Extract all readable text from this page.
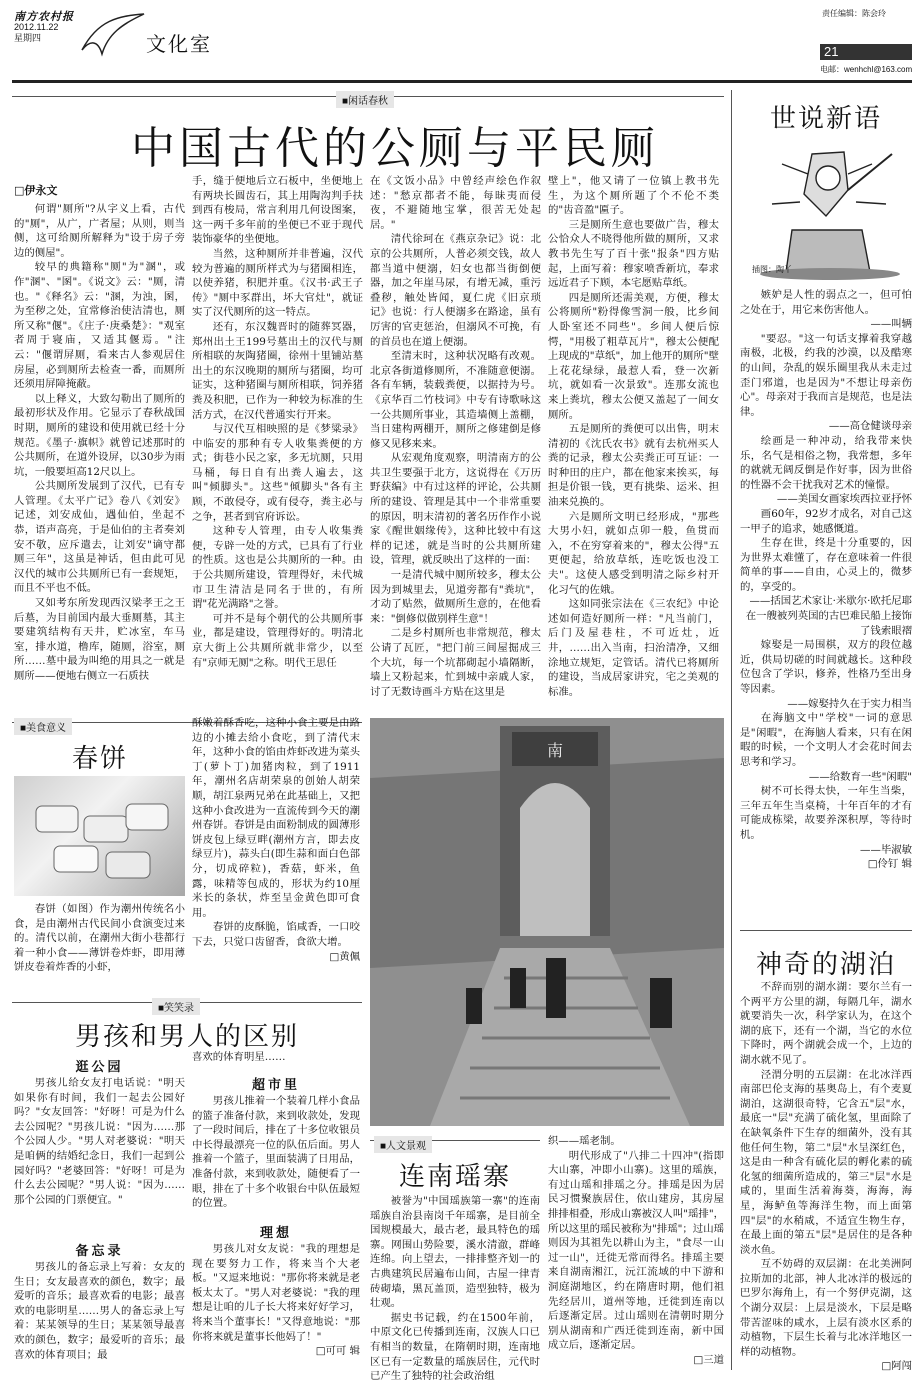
南方农村报
2012.11.22
星期四	文化室
责任编辑：陈会玲
21
电邮：wenhchl@163.com
■闲话春秋
中国古代的公厕与平民厕
□伊永文

何谓"厕所"?从字义上看，古代的"厕"，从广，广者屋；从则，则当侧，这可给厕所解释为"设于房子旁边的侧屋"。

较早的典籍称"厕"为"溷"，或作"溷"、"圂"。《说文》云："厕，清也。"《释名》云："溷，为浊，圂，为至秽之处，宜常修治使洁清也，厕所又称"偃"。《庄子·庚桑楚》："观室者周于寝庙，又适其偃焉。"注云："偃谓屏厕，看来古人参观居住房屋，必到厕所去检查一番，而厕所还须用屏障掩蔽。

以上释义，大致勾勒出了厕所的最初形状及作用。它显示了春秋战国时期，厕所的建设和使用就已经十分规范。《墨子·旗帜》就曾记述那时的公共厕所，在道外设屏，以30步为雨坑，一般要垣高12尺以上。

公共厕所发展到了汉代，已有专人管理。《太平广记》卷八《刘安》记述，刘安成仙，遇仙伯，坐起不恭，语声高亮，于是仙伯的主者奏刘安不敬，应斥遣去，让刘安"谪守都厕三年"，这虽是神话，但由此可见汉代的城市公共厕所已有一套规矩，而且不平也不低。

又如考东所发现西汉梁孝王之王后墓，为目前国内最大垂厕墓，其主要建筑结构有天井，贮冰室，车马室，排水道，橹库，随厕，浴室，厕所……墓中最为叫绝的用具之一就是厕所——便地右侧立一石质扶

手，缝于便地后立石板中，坐便地上有两块长圆齿石，其上用陶沟判手扶到西有梭局，常言利用几何设图案，这一两千多年前的坐便已不亚于现代装饰豪华的坐便地。

当然，这种厕所并非普遍，汉代较为普遍的厕所样式为与猪圈相连，以使养猪，积肥并重。《汉书·武王子传》"厕中豕群出，坏大官灶"，就证实了汉代厕所的这一特点。

还有，东汉魏晋时的随葬冥器，郑州出土王199号墓出土的汉代与厕所相联的灰陶猪圈，徐州十里铺站墓出土的东汉晚期的厕所与猪圈，均可证实，这种猪圈与厕所相联，饲养猪粪及积肥，已作为一种较为标准的生活方式，在汉代普通实行开来。

与汉代互相映照的是《梦粱录》中临安的那种有专人收集粪便的方式；街巷小民之家，多无坑厕，只用马桶，每日自有出粪人遍去，这叫"倾脚头"。这些"倾脚头"各有主顾，不敢侵夺，或有侵夺，粪主必与之争，甚者到官府诉讼。

这种专人管理，由专人收集粪便，专辟一处的方式，已具有了行业的性质。这也是公共厕所的一种。由于公共厕所建设，管理得好，未代城市卫生清洁是同名于世的，有所谓"花光满路"之誉。

可并不是每个朝代的公共厕所事业，都是建设，管理得好的。明清北京大街上公共厕所就非常少，以至有"京师无厕"之称。明代王思任

在《文饭小品》中曾经声绘色作叙述："愁京都者不能，每昧夷而侵夜，不避随地宝掌，很苦无处起居。"

清代徐珂在《燕京杂记》说：北京的公共厕所，人普必须交钱，故人都当道中便溺，妇女也都当街倒便器，加之年崖马尿，有增无减，重污叠秽，触处皆闻，夏仁虎《旧京琐记》也说：行人便溺多在路途，虽有厉害的官吏惩治，但溺风不可挽，有的首员也在道上便溺。

至清末时，这种状况略有改观。北京各街道修厕所，不准随意便溺。各有车辆，装载粪便，以据持为号。《京华百二竹枝词》中专有诗歌咏这一公共厕所事业，其造墙侧上盖棚，当日建构两棚开，厕所之修建倒是修修又见移来来。

从宏观角度观察，明清南方的公共卫生要强于北方，这说得在《万历野获编》中有过这样的评论，公共厕所的建设、管理是其中一个非常重要的原因，明末清初的著名历作作小说家《醒世姻缘传》，这种比较中有这样的记述，就是当时的公共厕所建设，管理，就反映出了这样的一面：

一是清代城中厕所较多，穆太公因为到城里去，见道旁都有"粪坑"，才动了贴然，做厕所生意的，在他看来："倒修似做别样生意"！

二是乡村厕所也非常规范，穆太公请了瓦匠，"把门前三间屋掘成三个大坑，每一个坑都砌起小墙隔断，墙上又粉起来，忙到城中亲戚人家，讨了无数诗画斗方贴在这里是

壁上"，他又请了一位镇上教书先生，为这个厕所题了个不伦不类的"齿音盈"匾子。

三是厕所生意也要做广告，穆太公恰众人不晓得他所做的厕所，又求教书先生写了百十张"报条"四方贴起，上面写着：穆家喷香新坑，奉求远近君子下顾，本宅愿贴草纸。

四是厕所还需美观，方便，穆太公将厕所"粉得像雪洞一般，比乡间人卧室还不同些"。乡间人便后惊愕，"用极了粗草瓦片"，穆太公便配上现成的"草纸"，加上他开的厕所"壁上花花绿绿，最惹人看，登一次新坑，就如看一次景致"。连那女流也来上粪坑，穆太公便又盖起了一间女厕所。

五是厕所的粪便可以出售，明末清初的《沈氏农书》就有去杭州买人粪的记录，穆太公卖粪正可互证：一时种田的庄户，都在他家来挨买，每担是价银一钱，更有挑柴、运米、担油来兑换的。

六是厕所文明已经形成，"那些大男小妇，就如点卯一般，鱼贯而入，不在穷穿着来的"，穆太公得"五更便起，给放草纸，连吃饭也没工夫"。这使人感受到明清之际乡村开化习气的佐娥。

这如同张宗法在《三农纪》中论述如何造好厕所一样："凡当前门，后门及屋巷柱，不可近灶，近井，……出入当南，扫治清净，又细涂地立规矩，定管话。清代已将厕所的建设，当成居家讲究，宅之美观的标准。

世说新语
插图：陶丫

嫉妒是人性的弱点之一，但可怕之处在于，用它来伤害他人。

——叫辆

"要忍。"这一句话支撑着我穿越南极，北极，约我的沙漠，以及酷寒的山间，杂乱的娱乐圈里我从未走过歪门邪道，也是因为"不想让母亲伤心"。母亲对于我而言是规范，也是法律。

——高仓健谈母亲

绘画是一种冲动，给我带来快乐，名气是相俗之物，我常想，多年的就就无阔反倒是作好事，因为世俗的性器不会干扰我对艺术的憧憬。

——美国女画家埃西拉亚抒怀

画60年，92岁才成名，对自己这一甲子的追求，她感慨道。

生存在世，终是十分重要的，因为世界太难懂了，存在意味着一件很简单的事——自由，心灵上的，微梦的，享受的。

——括国艺术家让·米歇尔·欧托尼耶在一艘被列英国的古巴难民船上接饰了钱索眼褶

嫁娶是一局围棋，双方的段位越近，供局切磋的时间就越长。这种段位包含了学识，修养，性格乃至出身等因素。

——嫁娶持久在于实力相当

在海脑文中"学校"一词的意思是"闲暇"，在海脑人看来，只有在闲暇的时候，一个文明人才会花时间去思考和学习。

——给数育一些"闲暇"

树不可长得太快，一年生当柴，三年五年生当桌椅，十年百年的才有可能成栋梁，故要养深积厚，等待时机。

——毕淑敏

□伶钉 辑

神奇的湖泊

不辞而别的湖水湖：要尔兰有一个两平方公里的湖，每隔几年，湖水就要消失一次，科学家认为，在这个湖的底下，还有一个湖，当它的水位下降时，两个湖就会成一个，上边的湖水就不见了。

泾渭分明的五层湖：在北冰洋西南部巴伦支海的基奥岛上，有个麦夏湖泊，这湖很奇特，它含五"层"水，最底一"层"充满了硫化氢，里面除了在缺氧条件下生存的细菌外，没有其他任何生物，第二"层"水呈深红色，这是由一种含有硫化层的孵化素的硫化氢的细菌所造成的，第三"层"水是咸的，里面生活着海葵，海海，海星，海鲈鱼等海洋生物，而上面第四"层"的水稍咸，不适宜生物生存，在最上面的第五"层"是居住的是各种淡水鱼。

互不妨碍的双层湖：在北美洲阿拉斯加的北部，神人北冰洋的极远的巴罗尔海角上，有一个努伊克湖，这个湖分双层：上层是淡水，下层是略带苦涩味的咸水，上层有淡水区系的动植物，下层生长着与北冰洋地区一样的动植物。

□阿闯

■美食意义
春饼

春饼（如图）作为潮州传统名小食，是由潮州古代民间小食演变过来的。清代以前，在潮州大街小巷都行着一种小食——薄饼卷炸虾，即用薄饼皮卷着炸香的小虾，

酥嫩着酥香吃，这种小食主要是由路边的小摊去给小食吃，到了清代末年，这种小食的馅由炸虾改进为菜头丁(萝卜丁)加猪肉粒，到了1911年，潮州名店胡荣泉的创始人胡荣顺，胡江泉两兄弟在此基础上，又把这种小食改进为一直流传到今天的潮州春饼。春饼是由面粉制成的圆薄形饼皮包上绿豆畔(潮州方言，即去皮绿豆片)，蒜头白(即生蒜和面白色部分，切成碎粒)，香菇，虾米，鱼露，味精等包成的，形状为约10厘米长的条状，炸至呈金黄色即可食用。

春饼的皮酥脆，馅咸香，一口咬下去，只觉口齿留香，食欲大增。

□黄佩

■笑笑录
男孩和男人的区别
逛公园

男孩儿给女友打电话说："明天如果你有时间，我们一起去公园好吗？"女友回答："好呀！可是为什么去公园呢？"男孩儿说："因为……那个公园人少。"男人对老婆说："明天是咱俩的结婚纪念日，我们一起到公园好吗？"老婆回答："好呀！可是为什么去公园呢？"男人说："因为……那个公园的门票便宜。"

备忘录

男孩儿的备忘录上写着：女友的生日；女友最喜欢的颜色，数字；最爱听的音乐；最喜欢看的电影；最喜欢的电影明星……男人的备忘录上写着：某某领导的生日；某某领导最喜欢的颜色，数字；最爱听的音乐；最喜欢的体育项目；最

喜欢的体育明星……

超市里

男孩儿推着一个装着几样小食品的篮子准备付款，来到收款处，发现了一段时间后，排在了十多位收银员中长得最漂亮一位的队伍后面。男人推着一个篮子，里面装满了日用品，准备付款，来到收款处，随便看了一眼，排在了十多个收银台中队伍最短的位置。

理想

男孩儿对女友说："我的理想是现在要努力工作，将来当个大老板。"又逗来地说："那你将来就是老板太太了。"男人对老婆说："我的理想是让咱的儿子长大将来好好学习，将来当个董事长！"又得意地说："那你将来就是董事长他妈了！"

□可可 辑

南
■人文景观
连南瑶寨

被誉为"中国瑶族第一寨"的连南瑶族自治县南岗千年瑶寨，是目前全国规模最大，最古老，最具特色的瑶寨。网围山势险要，溪水清澈，群峰连绵。向上望去，一排排整齐划一的古典建筑民居遍布山间，古屋一律青砖砌墙，黑瓦盖顶，造型独特，极为壮观。

据史书记载，约在1500年前，中原文化已传播到连南，汉族人口已有相当的数量，在隋朝时期，连南地区已有一定数量的瑶族居住，元代时已产生了独特的社会政治组

织——瑶老制。

明代形成了"八排二十四冲"(指即大山寨，冲即小山寨)。这里的瑶族，有过山瑶和排瑶之分。排瑶是因为居民习惯聚族居住，依山建房，其房屋排排相叠，形成山寨被汉人叫"瑶排"，所以这里的瑶民被称为"排瑶"；过山瑶则因为其祖先以耕山为主，"食尽一山过一山"，迁徙无常而得名。排瑶主要来自湖南湘江，沅江流域的中下游和洞庭湖地区，约在隋唐时期，他们祖先经居川，道州等地，迁徙到连南以后逐渐定居。过山瑶则在清朝时期分别从湖南和广西迁徙到连南，新中国成立后，逐渐定居。

□三道
